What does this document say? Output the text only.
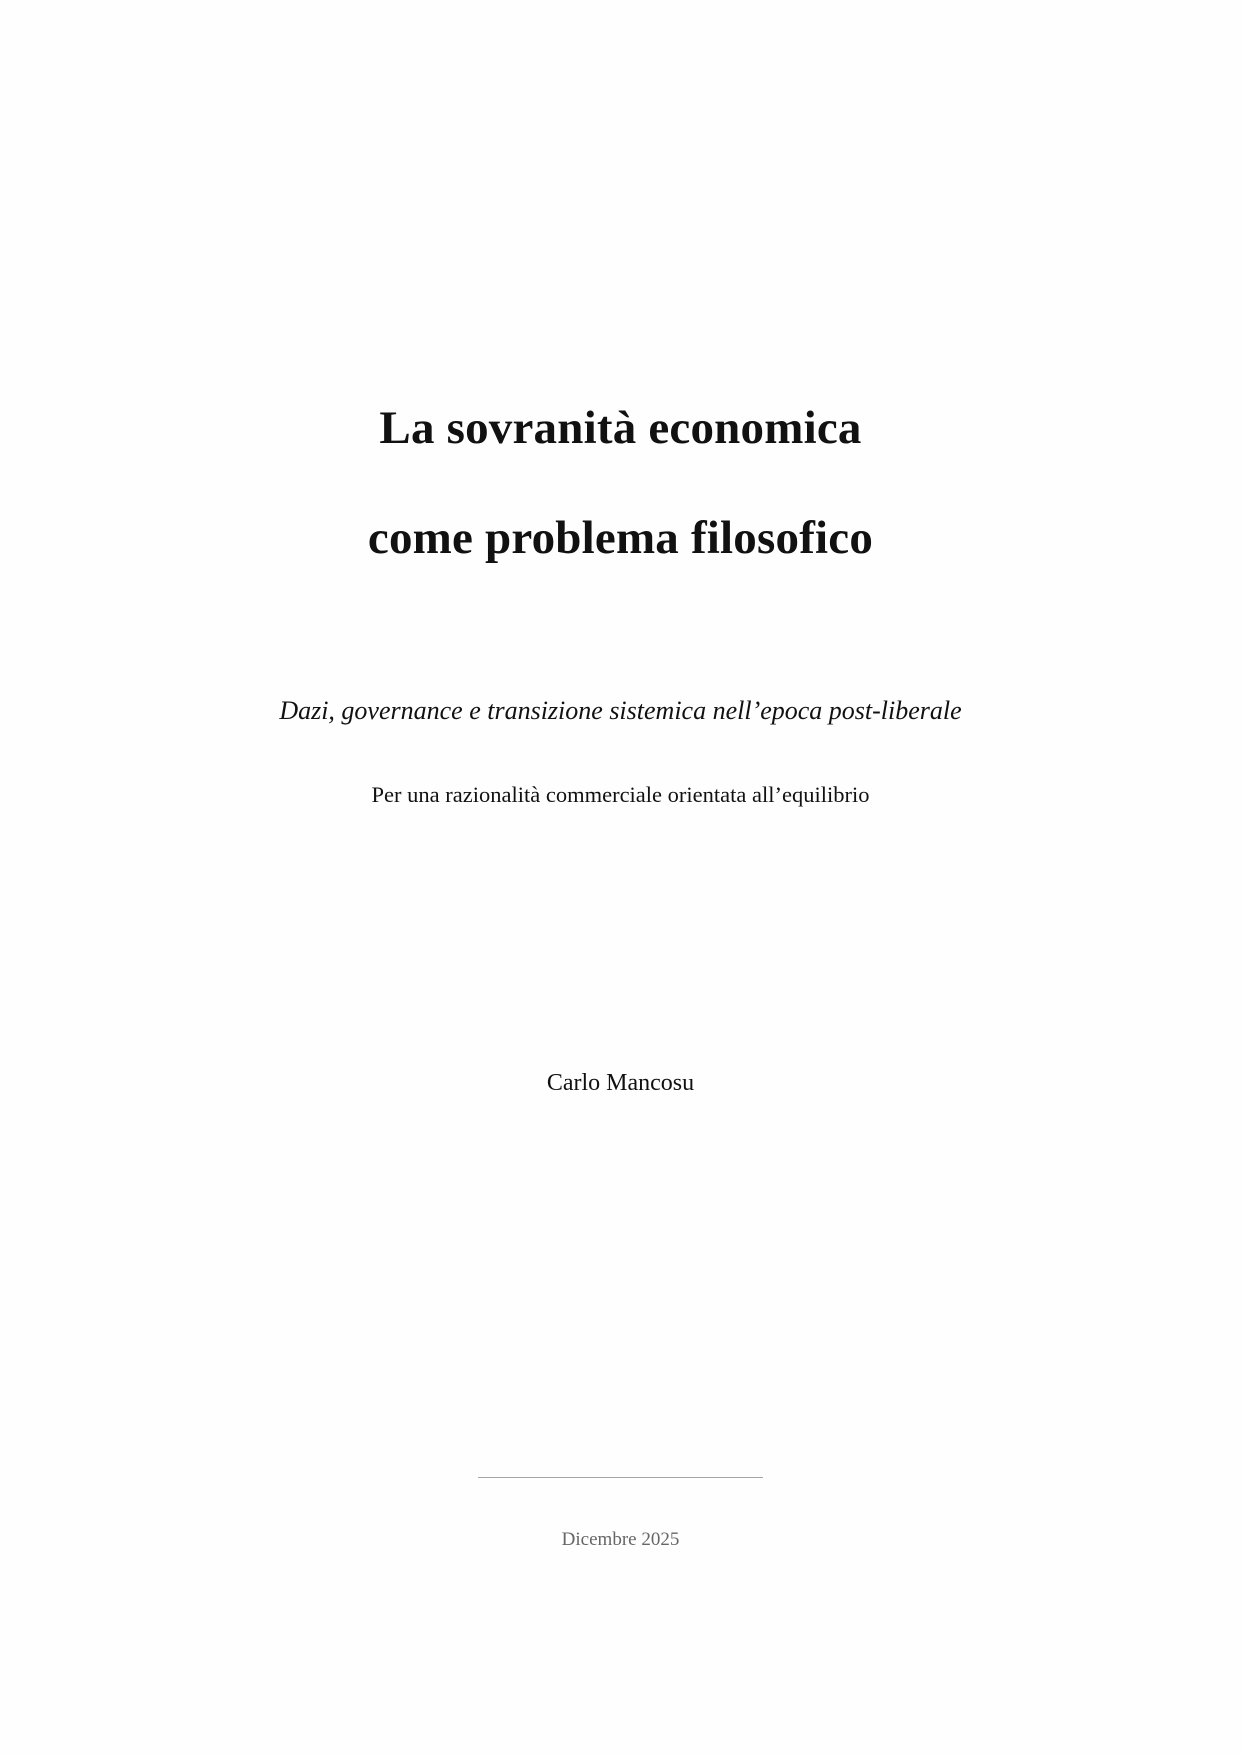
La sovranità economica
come problema filosofico
Dazi, governance e transizione sistemica nell’epoca post-liberale
Per una razionalità commerciale orientata all’equilibrio
Carlo Mancosu
Dicembre 2025
